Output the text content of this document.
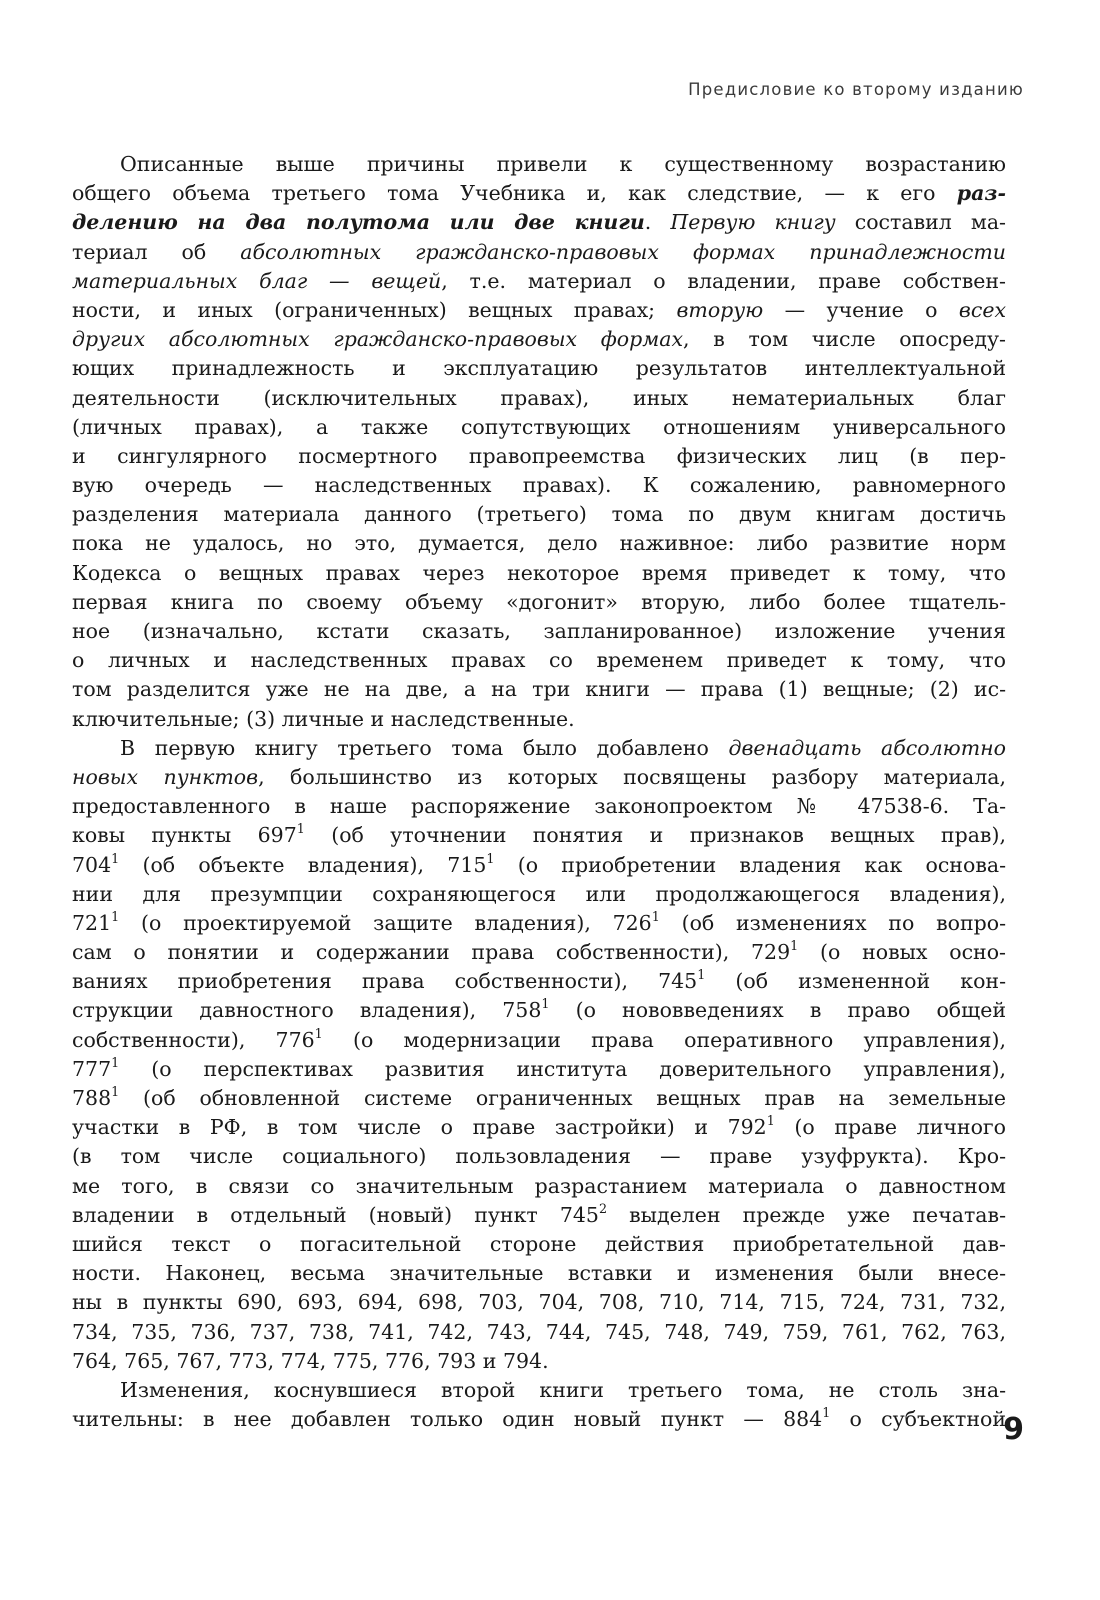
Предисловие ко второму изданию
Описанные выше причины привели к существенному возрастанию
общего объема третьего тома Учебника и, как следствие, — к его раз-
делению на два полутома или две книги. Первую книгу составил ма-
териал об абсолютных гражданско-правовых формах принадлежности
материальных благ — вещей, т.е. материал о владении, праве собствен-
ности, и иных (ограниченных) вещных правах; вторую — учение о всех
других абсолютных гражданско-правовых формах, в том числе опосреду-
ющих принадлежность и эксплуатацию результатов интеллектуальной
деятельности (исключительных правах), иных нематериальных благ
(личных правах), а также сопутствующих отношениям универсального
и сингулярного посмертного правопреемства физических лиц (в пер-
вую очередь — наследственных правах). К сожалению, равномерного
разделения материала данного (третьего) тома по двум книгам достичь
пока не удалось, но это, думается, дело наживное: либо развитие норм
Кодекса о вещных правах через некоторое время приведет к тому, что
первая книга по своему объему «догонит» вторую, либо более тщатель-
ное (изначально, кстати сказать, запланированное) изложение учения
о личных и наследственных правах со временем приведет к тому, что
том разделится уже не на две, а на три книги — права (1) вещные; (2) ис-
ключительные; (3) личные и наследственные.
В первую книгу третьего тома было добавлено двенадцать абсолютно
новых пунктов, большинство из которых посвящены разбору материала,
предоставленного в наше распоряжение законопроектом № 47538-6. Та-
ковы пункты $697^1$ (об уточнении понятия и признаков вещных прав),
$704^1$ (об объекте владения), $715^1$ (о приобретении владения как основа-
нии для презумпции сохраняющегося или продолжающегося владения),
$721^1$ (о проектируемой защите владения), $726^1$ (об изменениях по вопро-
сам о понятии и содержании права собственности), $729^1$ (о новых осно-
ваниях приобретения права собственности), $745^1$ (об измененной кон-
струкции давностного владения), $758^1$ (о нововведениях в право общей
собственности), $776^1$ (о модернизации права оперативного управления),
$777^1$ (о перспективах развития института доверительного управления),
$788^1$ (об обновленной системе ограниченных вещных прав на земельные
участки в РФ, в том числе о праве застройки) и $792^1$ (о праве личного
(в том числе социального) пользовладения — праве узуфрукта). Кро-
ме того, в связи со значительным разрастанием материала о давностном
владении в отдельный (новый) пункт $745^2$ выделен прежде уже печатав-
шийся текст о погасительной стороне действия приобретательной дав-
ности. Наконец, весьма значительные вставки и изменения были внесе-
ны в пункты 690, 693, 694, 698, 703, 704, 708, 710, 714, 715, 724, 731, 732,
734, 735, 736, 737, 738, 741, 742, 743, 744, 745, 748, 749, 759, 761, 762, 763,
764, 765, 767, 773, 774, 775, 776, 793 и 794.
Изменения, коснувшиеся второй книги третьего тома, не столь зна-
чительны: в нее добавлен только один новый пункт — $884^1$ о субъектной
9
